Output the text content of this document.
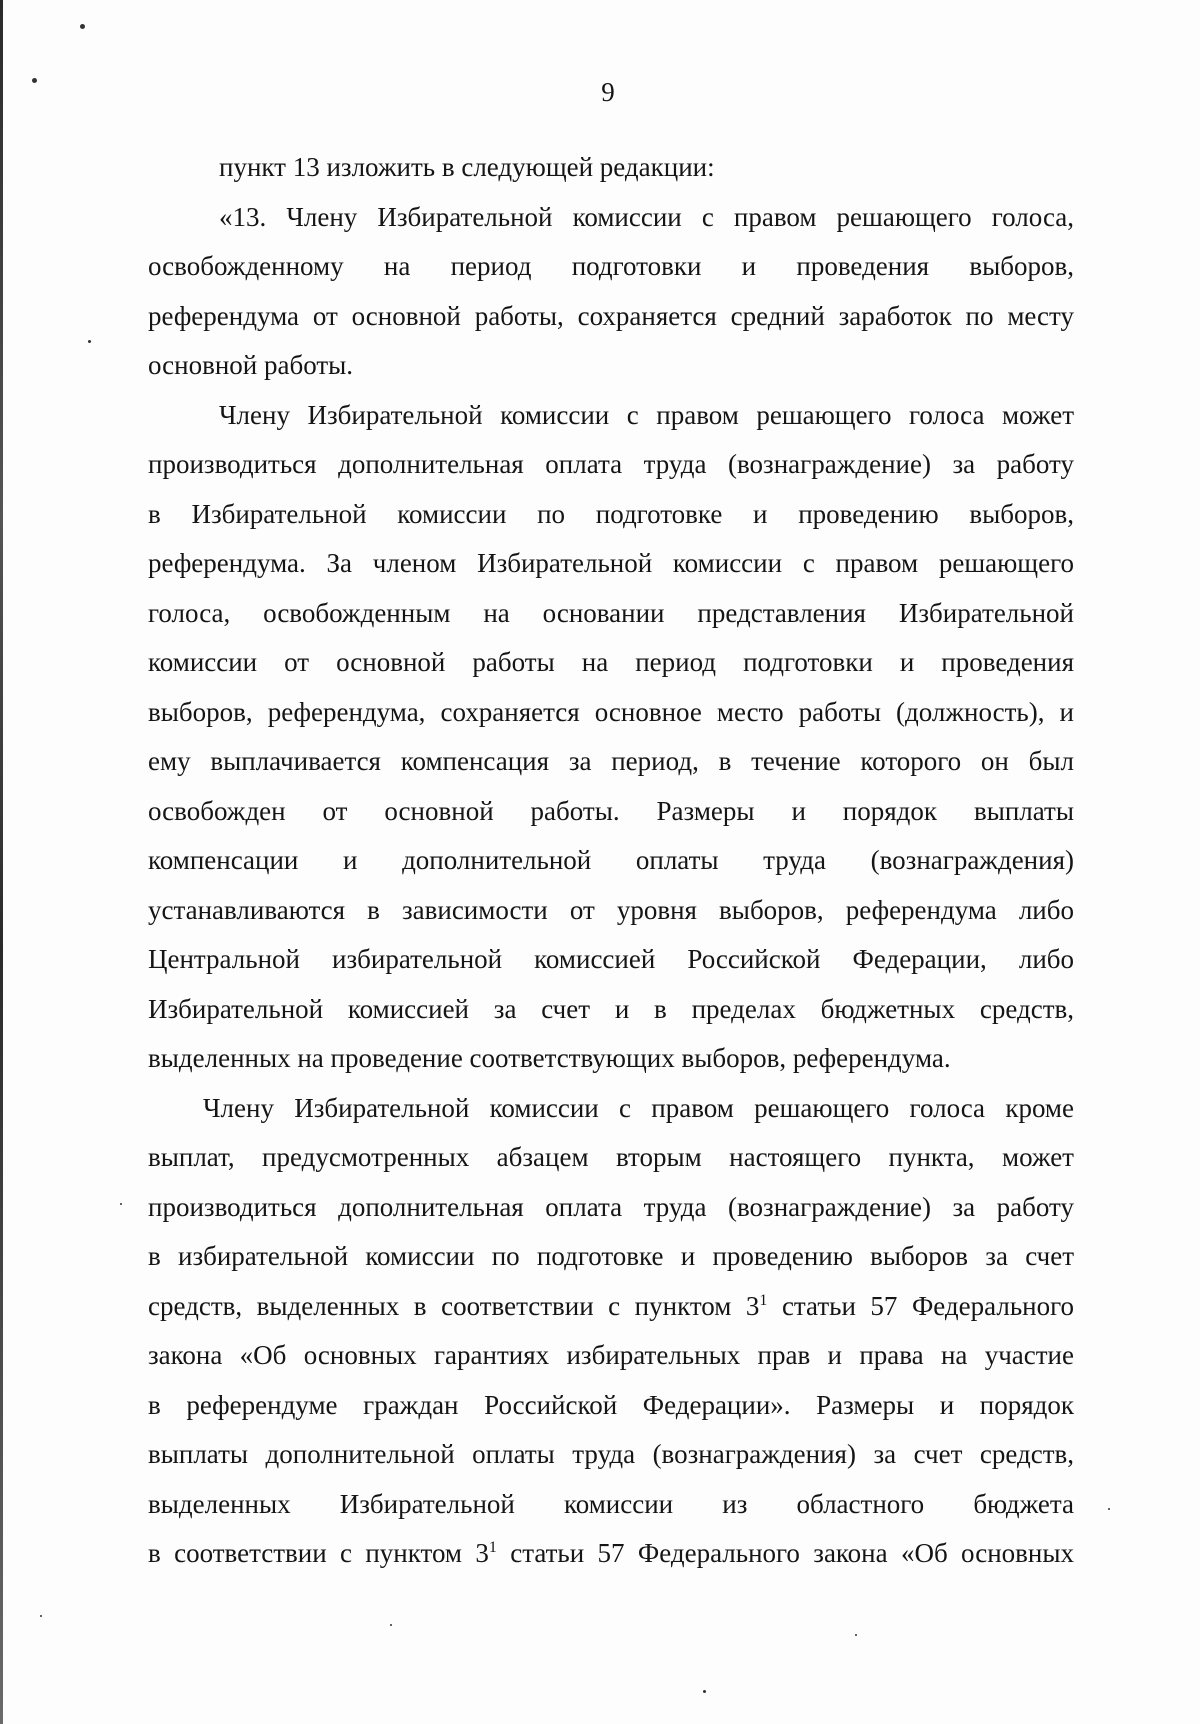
9
пункт 13 изложить в следующей редакции:
«13. Члену Избирательной комиссии с правом решающего голоса,
освобожденному на период подготовки и проведения выборов,
референдума от основной работы, сохраняется средний заработок по месту
основной работы.
Члену Избирательной комиссии с правом решающего голоса может
производиться дополнительная оплата труда (вознаграждение) за работу
в Избирательной комиссии по подготовке и проведению выборов,
референдума. За членом Избирательной комиссии с правом решающего
голоса, освобожденным на основании представления Избирательной
комиссии от основной работы на период подготовки и проведения
выборов, референдума, сохраняется основное место работы (должность), и
ему выплачивается компенсация за период, в течение которого он был
освобожден от основной работы. Размеры и порядок выплаты
компенсации и дополнительной оплаты труда (вознаграждения)
устанавливаются в зависимости от уровня выборов, референдума либо
Центральной избирательной комиссией Российской Федерации, либо
Избирательной комиссией за счет и в пределах бюджетных средств,
выделенных на проведение соответствующих выборов, референдума.
Члену Избирательной комиссии с правом решающего голоса кроме
выплат, предусмотренных абзацем вторым настоящего пункта, может
производиться дополнительная оплата труда (вознаграждение) за работу
в избирательной комиссии по подготовке и проведению выборов за счет
средств, выделенных в соответствии с пунктом $3^1$ статьи 57 Федерального
закона «Об основных гарантиях избирательных прав и права на участие
в референдуме граждан Российской Федерации». Размеры и порядок
выплаты дополнительной оплаты труда (вознаграждения) за счет средств,
выделенных Избирательной комиссии из областного бюджета
в соответствии с пунктом $3^1$ статьи 57 Федерального закона «Об основных
